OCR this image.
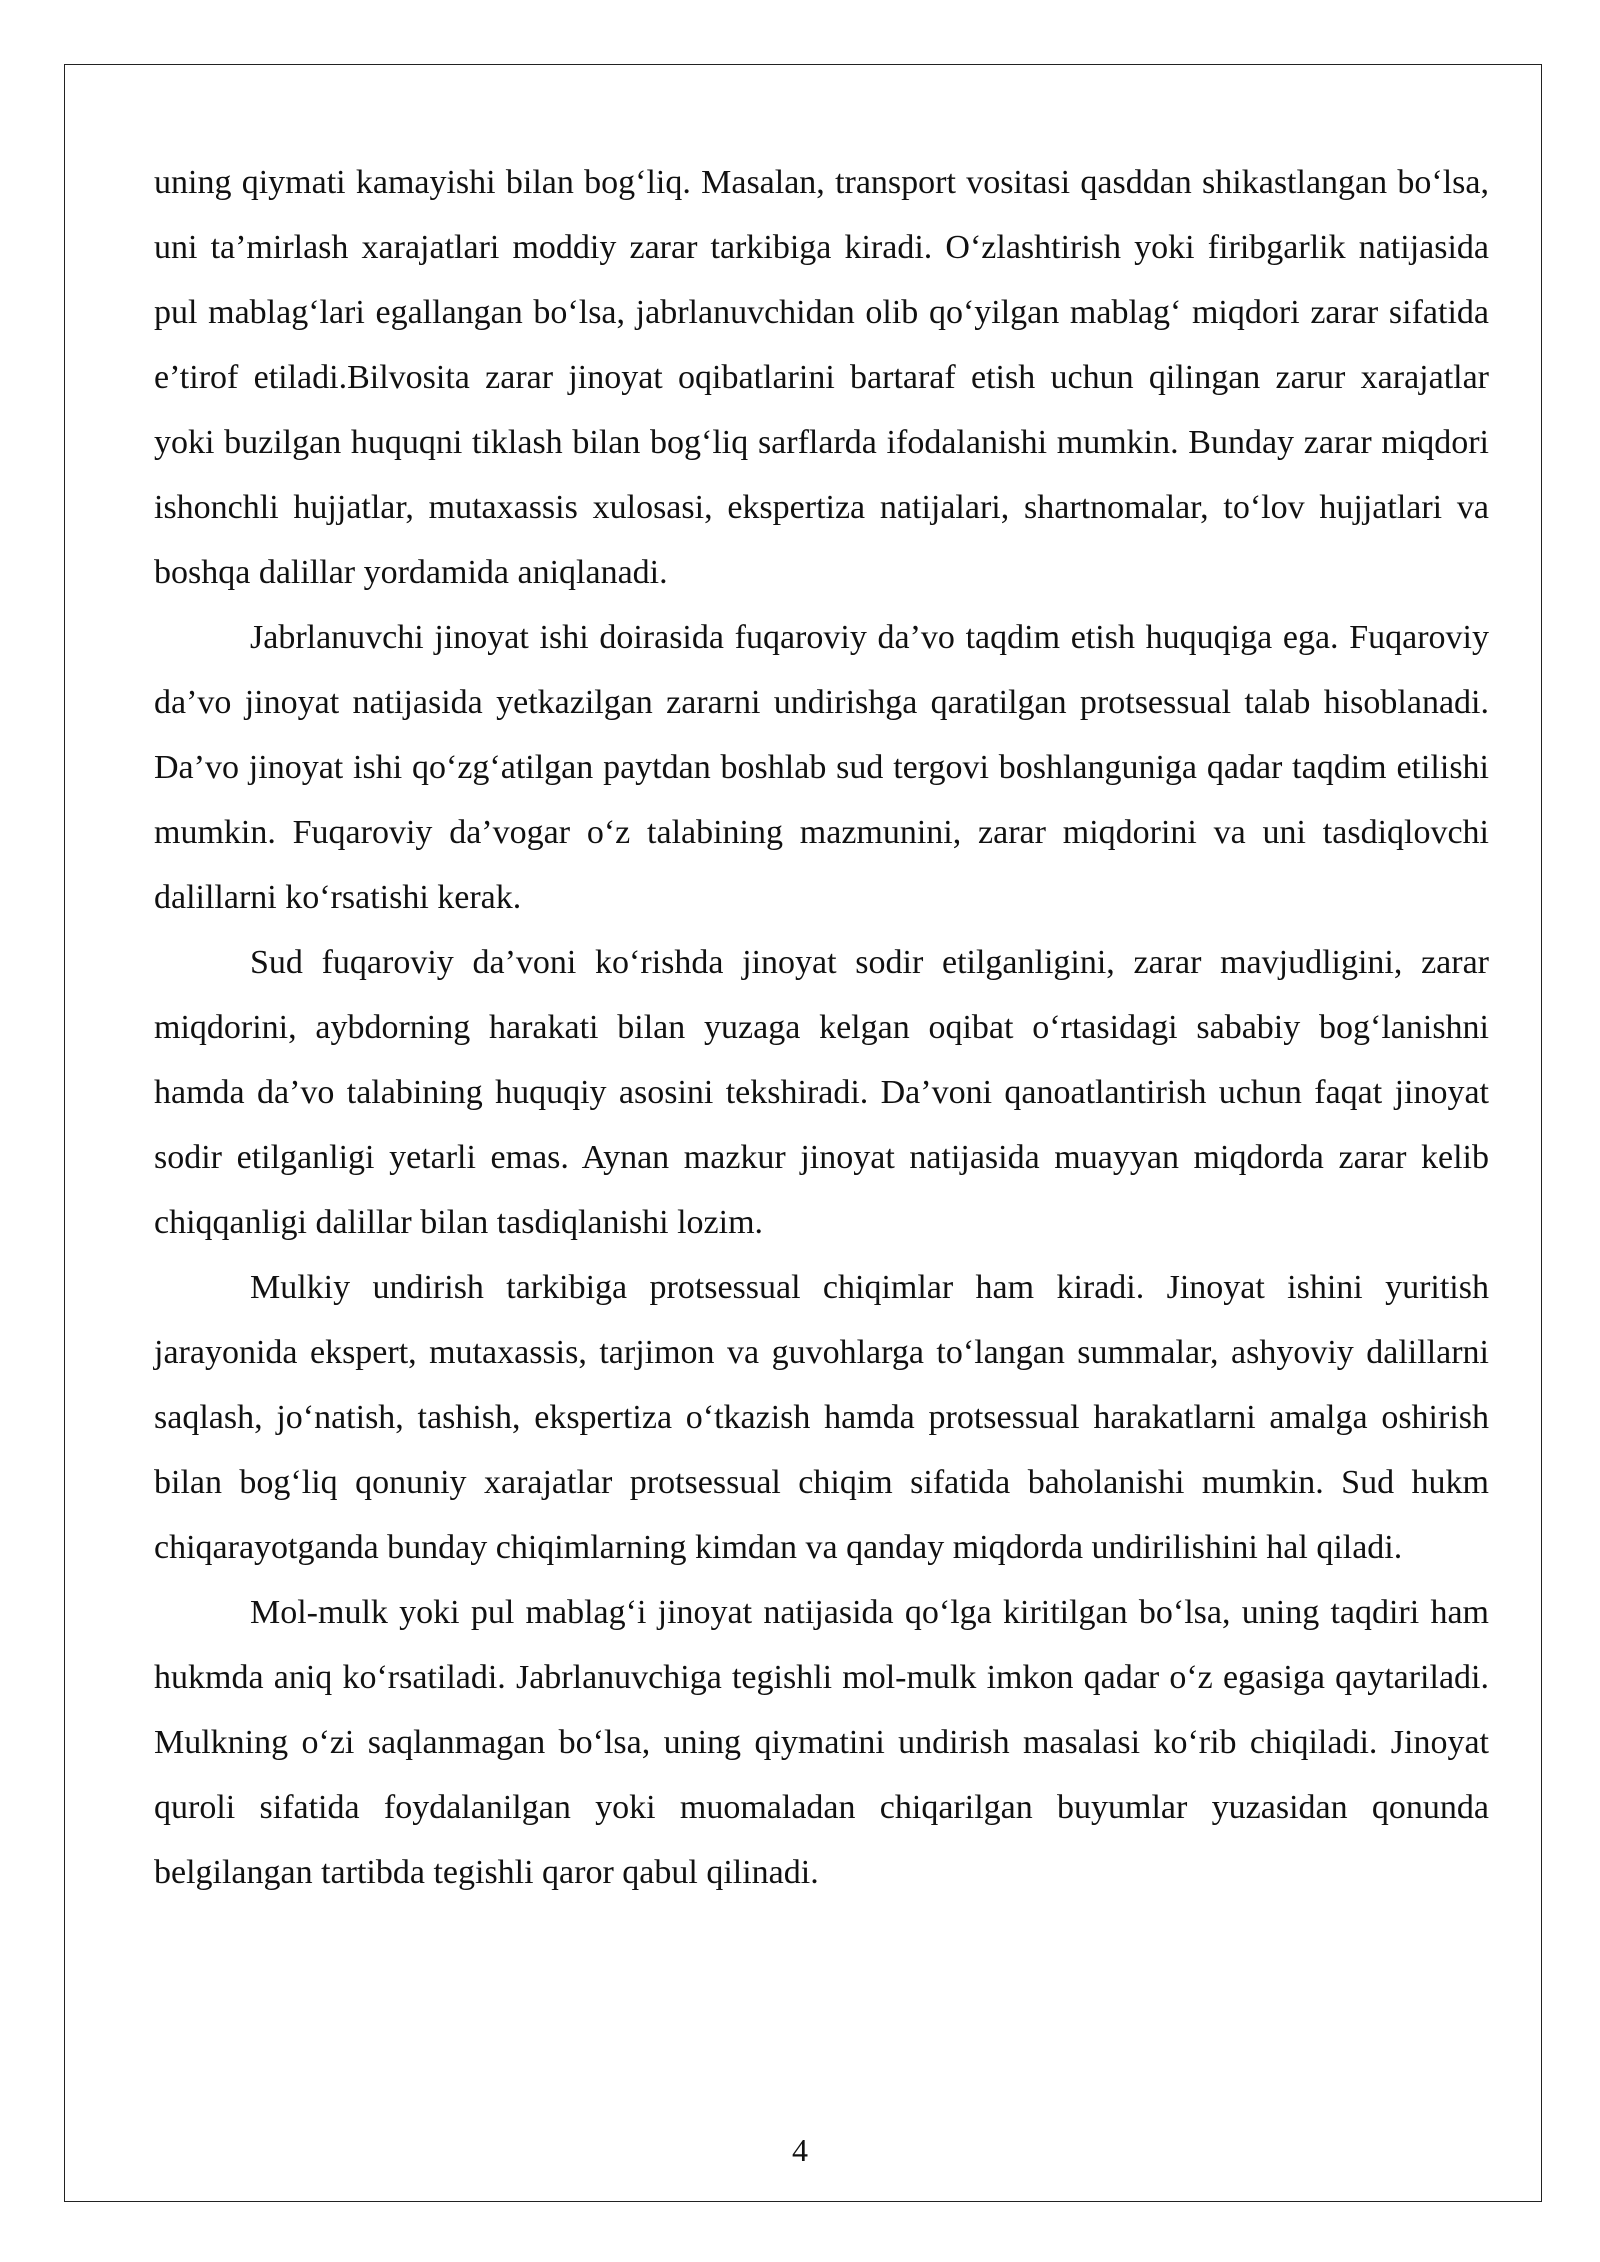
uning qiymati kamayishi bilan bog‘liq. Masalan, transport vositasi qasddan shikastlangan bo‘lsa, uni ta’mirlash xarajatlari moddiy zarar tarkibiga kiradi. O‘zlashtirish yoki firibgarlik natijasida pul mablag‘lari egallangan bo‘lsa, jabrlanuvchidan olib qo‘yilgan mablag‘ miqdori zarar sifatida e’tirof etiladi.Bilvosita zarar jinoyat oqibatlarini bartaraf etish uchun qilingan zarur xarajatlar yoki buzilgan huquqni tiklash bilan bog‘liq sarflarda ifodalanishi mumkin. Bunday zarar miqdori ishonchli hujjatlar, mutaxassis xulosasi, ekspertiza natijalari, shartnomalar, to‘lov hujjatlari va boshqa dalillar yordamida aniqlanadi.

Jabrlanuvchi jinoyat ishi doirasida fuqaroviy da’vo taqdim etish huquqiga ega. Fuqaroviy da’vo jinoyat natijasida yetkazilgan zararni undirishga qaratilgan protsessual talab hisoblanadi. Da’vo jinoyat ishi qo‘zg‘atilgan paytdan boshlab sud tergovi boshlanguniga qadar taqdim etilishi mumkin. Fuqaroviy da’vogar o‘z talabining mazmunini, zarar miqdorini va uni tasdiqlovchi dalillarni ko‘rsatishi kerak.

Sud fuqaroviy da’voni ko‘rishda jinoyat sodir etilganligini, zarar mavjudligini, zarar miqdorini, aybdorning harakati bilan yuzaga kelgan oqibat o‘rtasidagi sababiy bog‘lanishni hamda da’vo talabining huquqiy asosini tekshiradi. Da’voni qanoatlantirish uchun faqat jinoyat sodir etilganligi yetarli emas. Aynan mazkur jinoyat natijasida muayyan miqdorda zarar kelib chiqqanligi dalillar bilan tasdiqlanishi lozim.

Mulkiy undirish tarkibiga protsessual chiqimlar ham kiradi. Jinoyat ishini yuritish jarayonida ekspert, mutaxassis, tarjimon va guvohlarga to‘langan summalar, ashyoviy dalillarni saqlash, jo‘natish, tashish, ekspertiza o‘tkazish hamda protsessual harakatlarni amalga oshirish bilan bog‘liq qonuniy xarajatlar protsessual chiqim sifatida baholanishi mumkin. Sud hukm chiqarayotganda bunday chiqimlarning kimdan va qanday miqdorda undirilishini hal qiladi.

Mol-mulk yoki pul mablag‘i jinoyat natijasida qo‘lga kiritilgan bo‘lsa, uning taqdiri ham hukmda aniq ko‘rsatiladi. Jabrlanuvchiga tegishli mol-mulk imkon qadar o‘z egasiga qaytariladi. Mulkning o‘zi saqlanmagan bo‘lsa, uning qiymatini undirish masalasi ko‘rib chiqiladi. Jinoyat quroli sifatida foydalanilgan yoki muomaladan chiqarilgan buyumlar yuzasidan qonunda belgilangan tartibda tegishli qaror qabul qilinadi.

4
